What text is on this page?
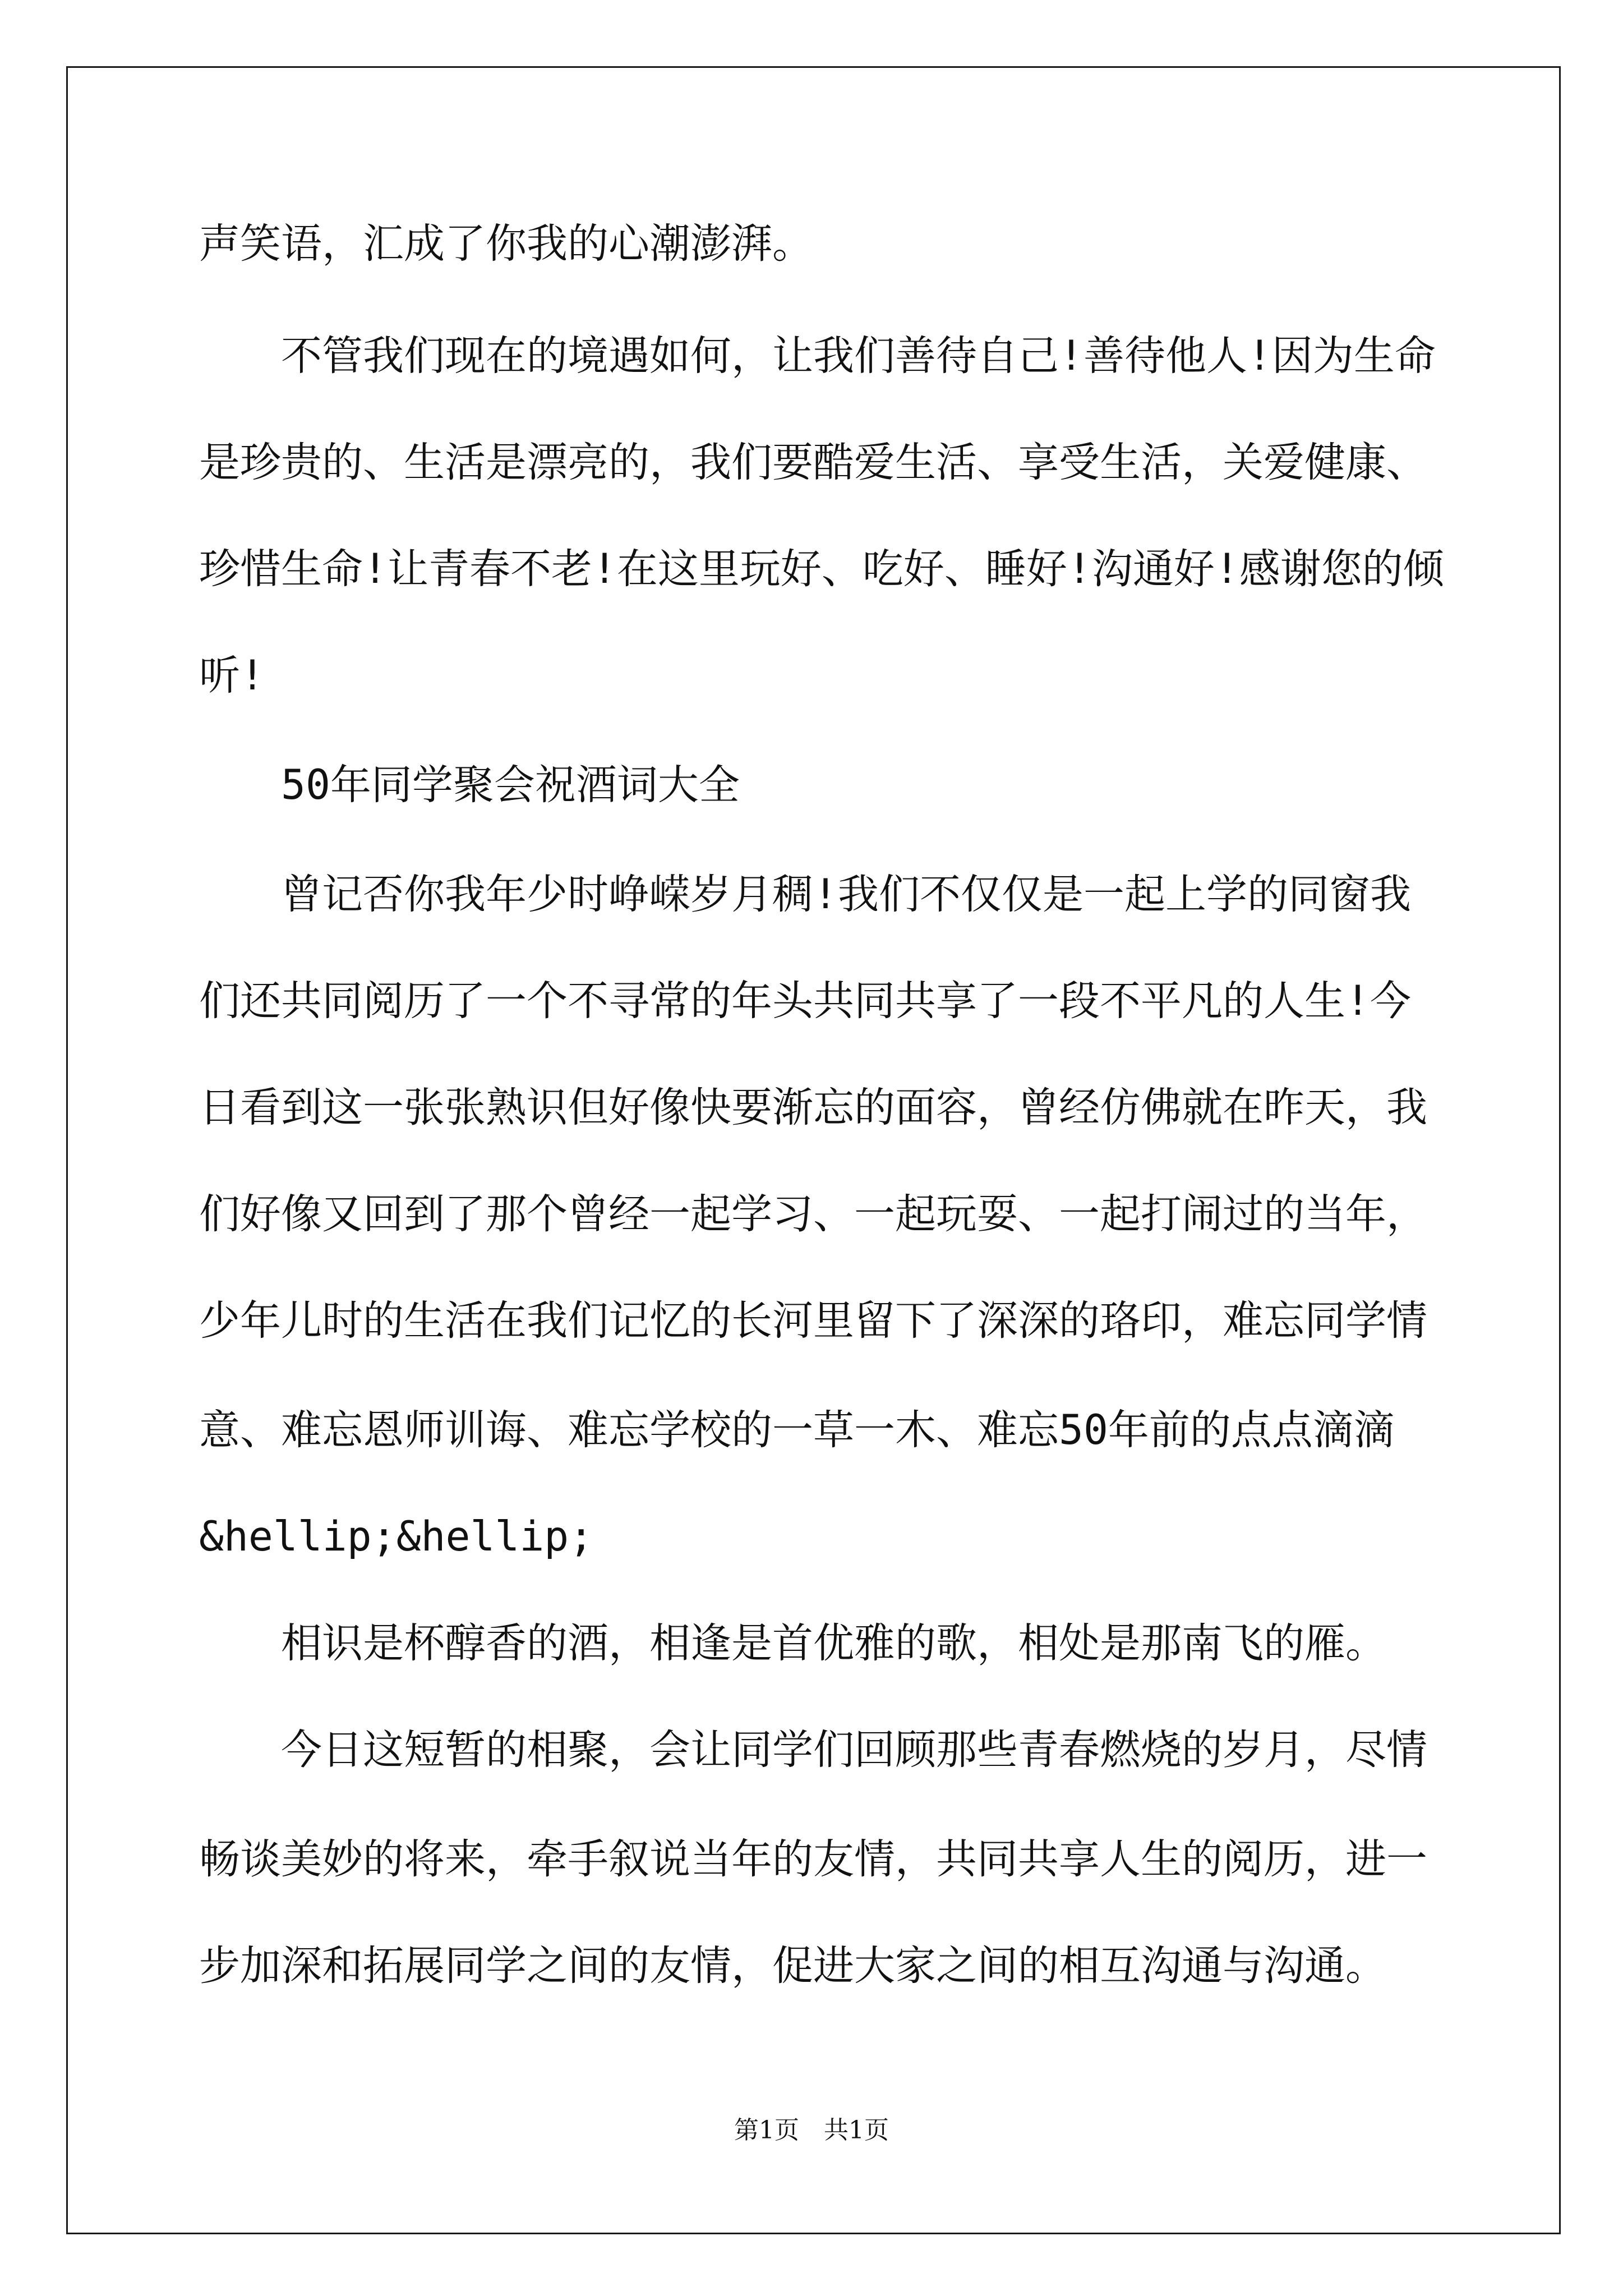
声笑语，汇成了你我的心潮澎湃。
　　不管我们现在的境遇如何，让我们善待自己!善待他人!因为生命
是珍贵的、生活是漂亮的，我们要酷爱生活、享受生活，关爱健康、
珍惜生命!让青春不老!在这里玩好、吃好、睡好!沟通好!感谢您的倾
听!
　　50年同学聚会祝酒词大全
　　曾记否你我年少时峥嵘岁月稠!我们不仅仅是一起上学的同窗我
们还共同阅历了一个不寻常的年头共同共享了一段不平凡的人生!今
日看到这一张张熟识但好像快要渐忘的面容，曾经仿佛就在昨天，我
们好像又回到了那个曾经一起学习、一起玩耍、一起打闹过的当年，
少年儿时的生活在我们记忆的长河里留下了深深的珞印，难忘同学情
意、难忘恩师训诲、难忘学校的一草一木、难忘50年前的点点滴滴
&hellip;&hellip;
　　相识是杯醇香的酒，相逢是首优雅的歌，相处是那南飞的雁。
　　今日这短暂的相聚，会让同学们回顾那些青春燃烧的岁月，尽情
畅谈美妙的将来，牵手叙说当年的友情，共同共享人生的阅历，进一
步加深和拓展同学之间的友情，促进大家之间的相互沟通与沟通。
第1页　共1页
